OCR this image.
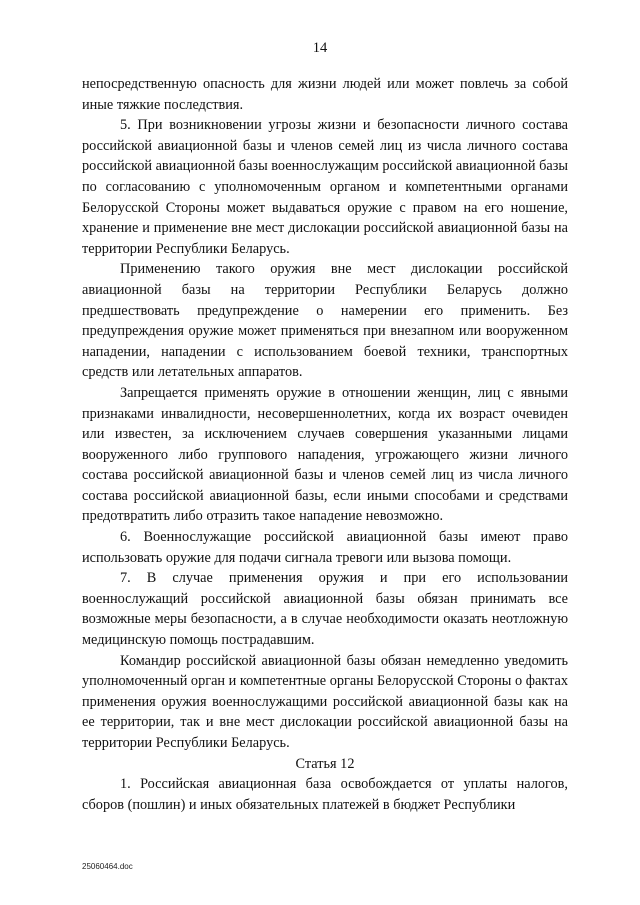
14

непосредственную опасность для жизни людей или может повлечь за собой иные тяжкие последствия.

5. При возникновении угрозы жизни и безопасности личного состава российской авиационной базы и членов семей лиц из числа личного состава российской авиационной базы военнослужащим российской авиационной базы по согласованию с уполномоченным органом и компетентными органами Белорусской Стороны может выдаваться оружие с правом на его ношение, хранение и применение вне мест дислокации российской авиационной базы на территории Республики Беларусь.

Применению такого оружия вне мест дислокации российской авиационной базы на территории Республики Беларусь должно предшествовать предупреждение о намерении его применить. Без предупреждения оружие может применяться при внезапном или вооруженном нападении, нападении с использованием боевой техники, транспортных средств или летательных аппаратов.

Запрещается применять оружие в отношении женщин, лиц с явными признаками инвалидности, несовершеннолетних, когда их возраст очевиден или известен, за исключением случаев совершения указанными лицами вооруженного либо группового нападения, угрожающего жизни личного состава российской авиационной базы и членов семей лиц из числа личного состава российской авиационной базы, если иными способами и средствами предотвратить либо отразить такое нападение невозможно.

6. Военнослужащие российской авиационной базы имеют право использовать оружие для подачи сигнала тревоги или вызова помощи.

7. В случае применения оружия и при его использовании военнослужащий российской авиационной базы обязан принимать все возможные меры безопасности, а в случае необходимости оказать неотложную медицинскую помощь пострадавшим.

Командир российской авиационной базы обязан немедленно уведомить уполномоченный орган и компетентные органы Белорусской Стороны о фактах применения оружия военнослужащими российской авиационной базы как на ее территории, так и вне мест дислокации российской авиационной базы на территории Республики Беларусь.

Статья 12

1. Российская авиационная база освобождается от уплаты налогов, сборов (пошлин) и иных обязательных платежей в бюджет Республики

25060464.doc
